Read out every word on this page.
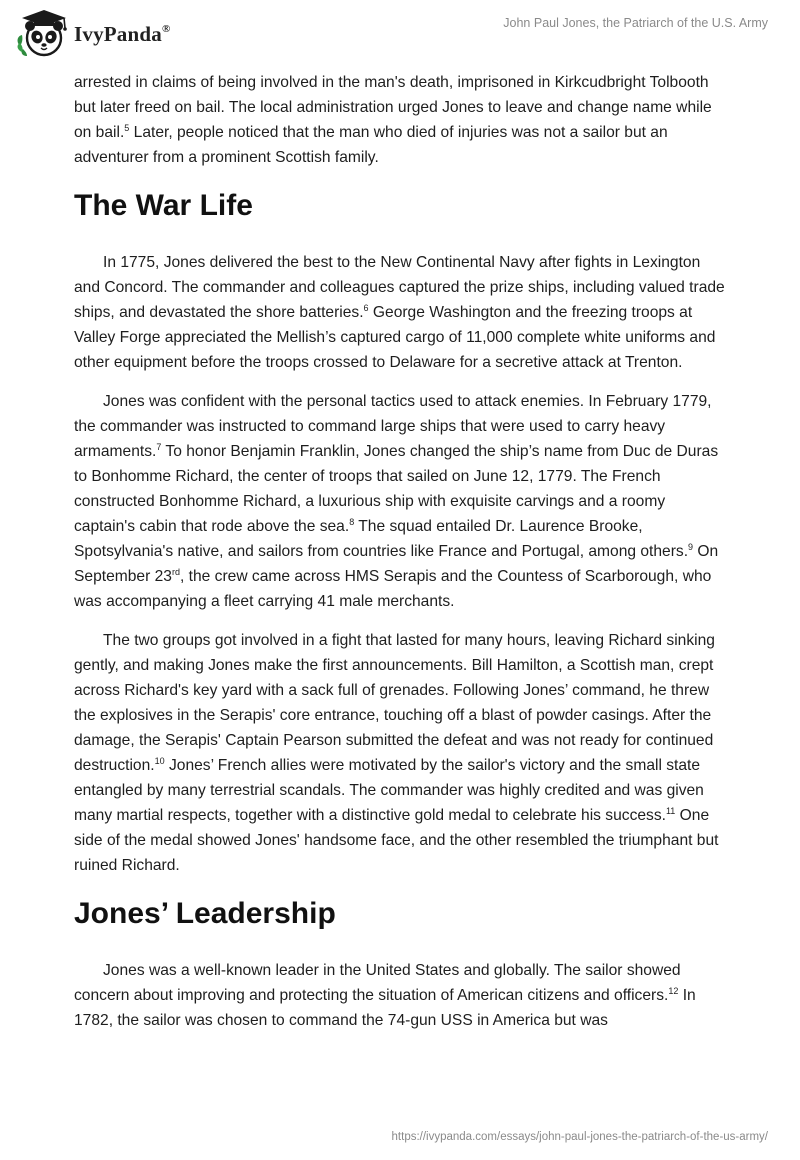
IvyPanda®	John Paul Jones, the Patriarch of the U.S. Army

arrested in claims of being involved in the man's death, imprisoned in Kirkcudbright Tolbooth but later freed on bail. The local administration urged Jones to leave and change name while on bail.$^5$ Later, people noticed that the man who died of injuries was not a sailor but an adventurer from a prominent Scottish family.

The War Life

In 1775, Jones delivered the best to the New Continental Navy after fights in Lexington and Concord. The commander and colleagues captured the prize ships, including valued trade ships, and devastated the shore batteries.$^6$ George Washington and the freezing troops at Valley Forge appreciated the Mellish’s captured cargo of 11,000 complete white uniforms and other equipment before the troops crossed to Delaware for a secretive attack at Trenton.

Jones was confident with the personal tactics used to attack enemies. In February 1779, the commander was instructed to command large ships that were used to carry heavy armaments.$^7$ To honor Benjamin Franklin, Jones changed the ship’s name from Duc de Duras to Bonhomme Richard, the center of troops that sailed on June 12, 1779. The French constructed Bonhomme Richard, a luxurious ship with exquisite carvings and a roomy captain's cabin that rode above the sea.$^8$ The squad entailed Dr. Laurence Brooke, Spotsylvania's native, and sailors from countries like France and Portugal, among others.$^9$ On September 23rd, the crew came across HMS Serapis and the Countess of Scarborough, who was accompanying a fleet carrying 41 male merchants.

The two groups got involved in a fight that lasted for many hours, leaving Richard sinking gently, and making Jones make the first announcements. Bill Hamilton, a Scottish man, crept across Richard's key yard with a sack full of grenades. Following Jones’ command, he threw the explosives in the Serapis' core entrance, touching off a blast of powder casings. After the damage, the Serapis' Captain Pearson submitted the defeat and was not ready for continued destruction.$^{10}$ Jones’ French allies were motivated by the sailor's victory and the small state entangled by many terrestrial scandals. The commander was highly credited and was given many martial respects, together with a distinctive gold medal to celebrate his success.$^{11}$ One side of the medal showed Jones' handsome face, and the other resembled the triumphant but ruined Richard.

Jones’ Leadership

Jones was a well-known leader in the United States and globally. The sailor showed concern about improving and protecting the situation of American citizens and officers.$^{12}$ In 1782, the sailor was chosen to command the 74-gun USS in America but was

https://ivypanda.com/essays/john-paul-jones-the-patriarch-of-the-us-army/
